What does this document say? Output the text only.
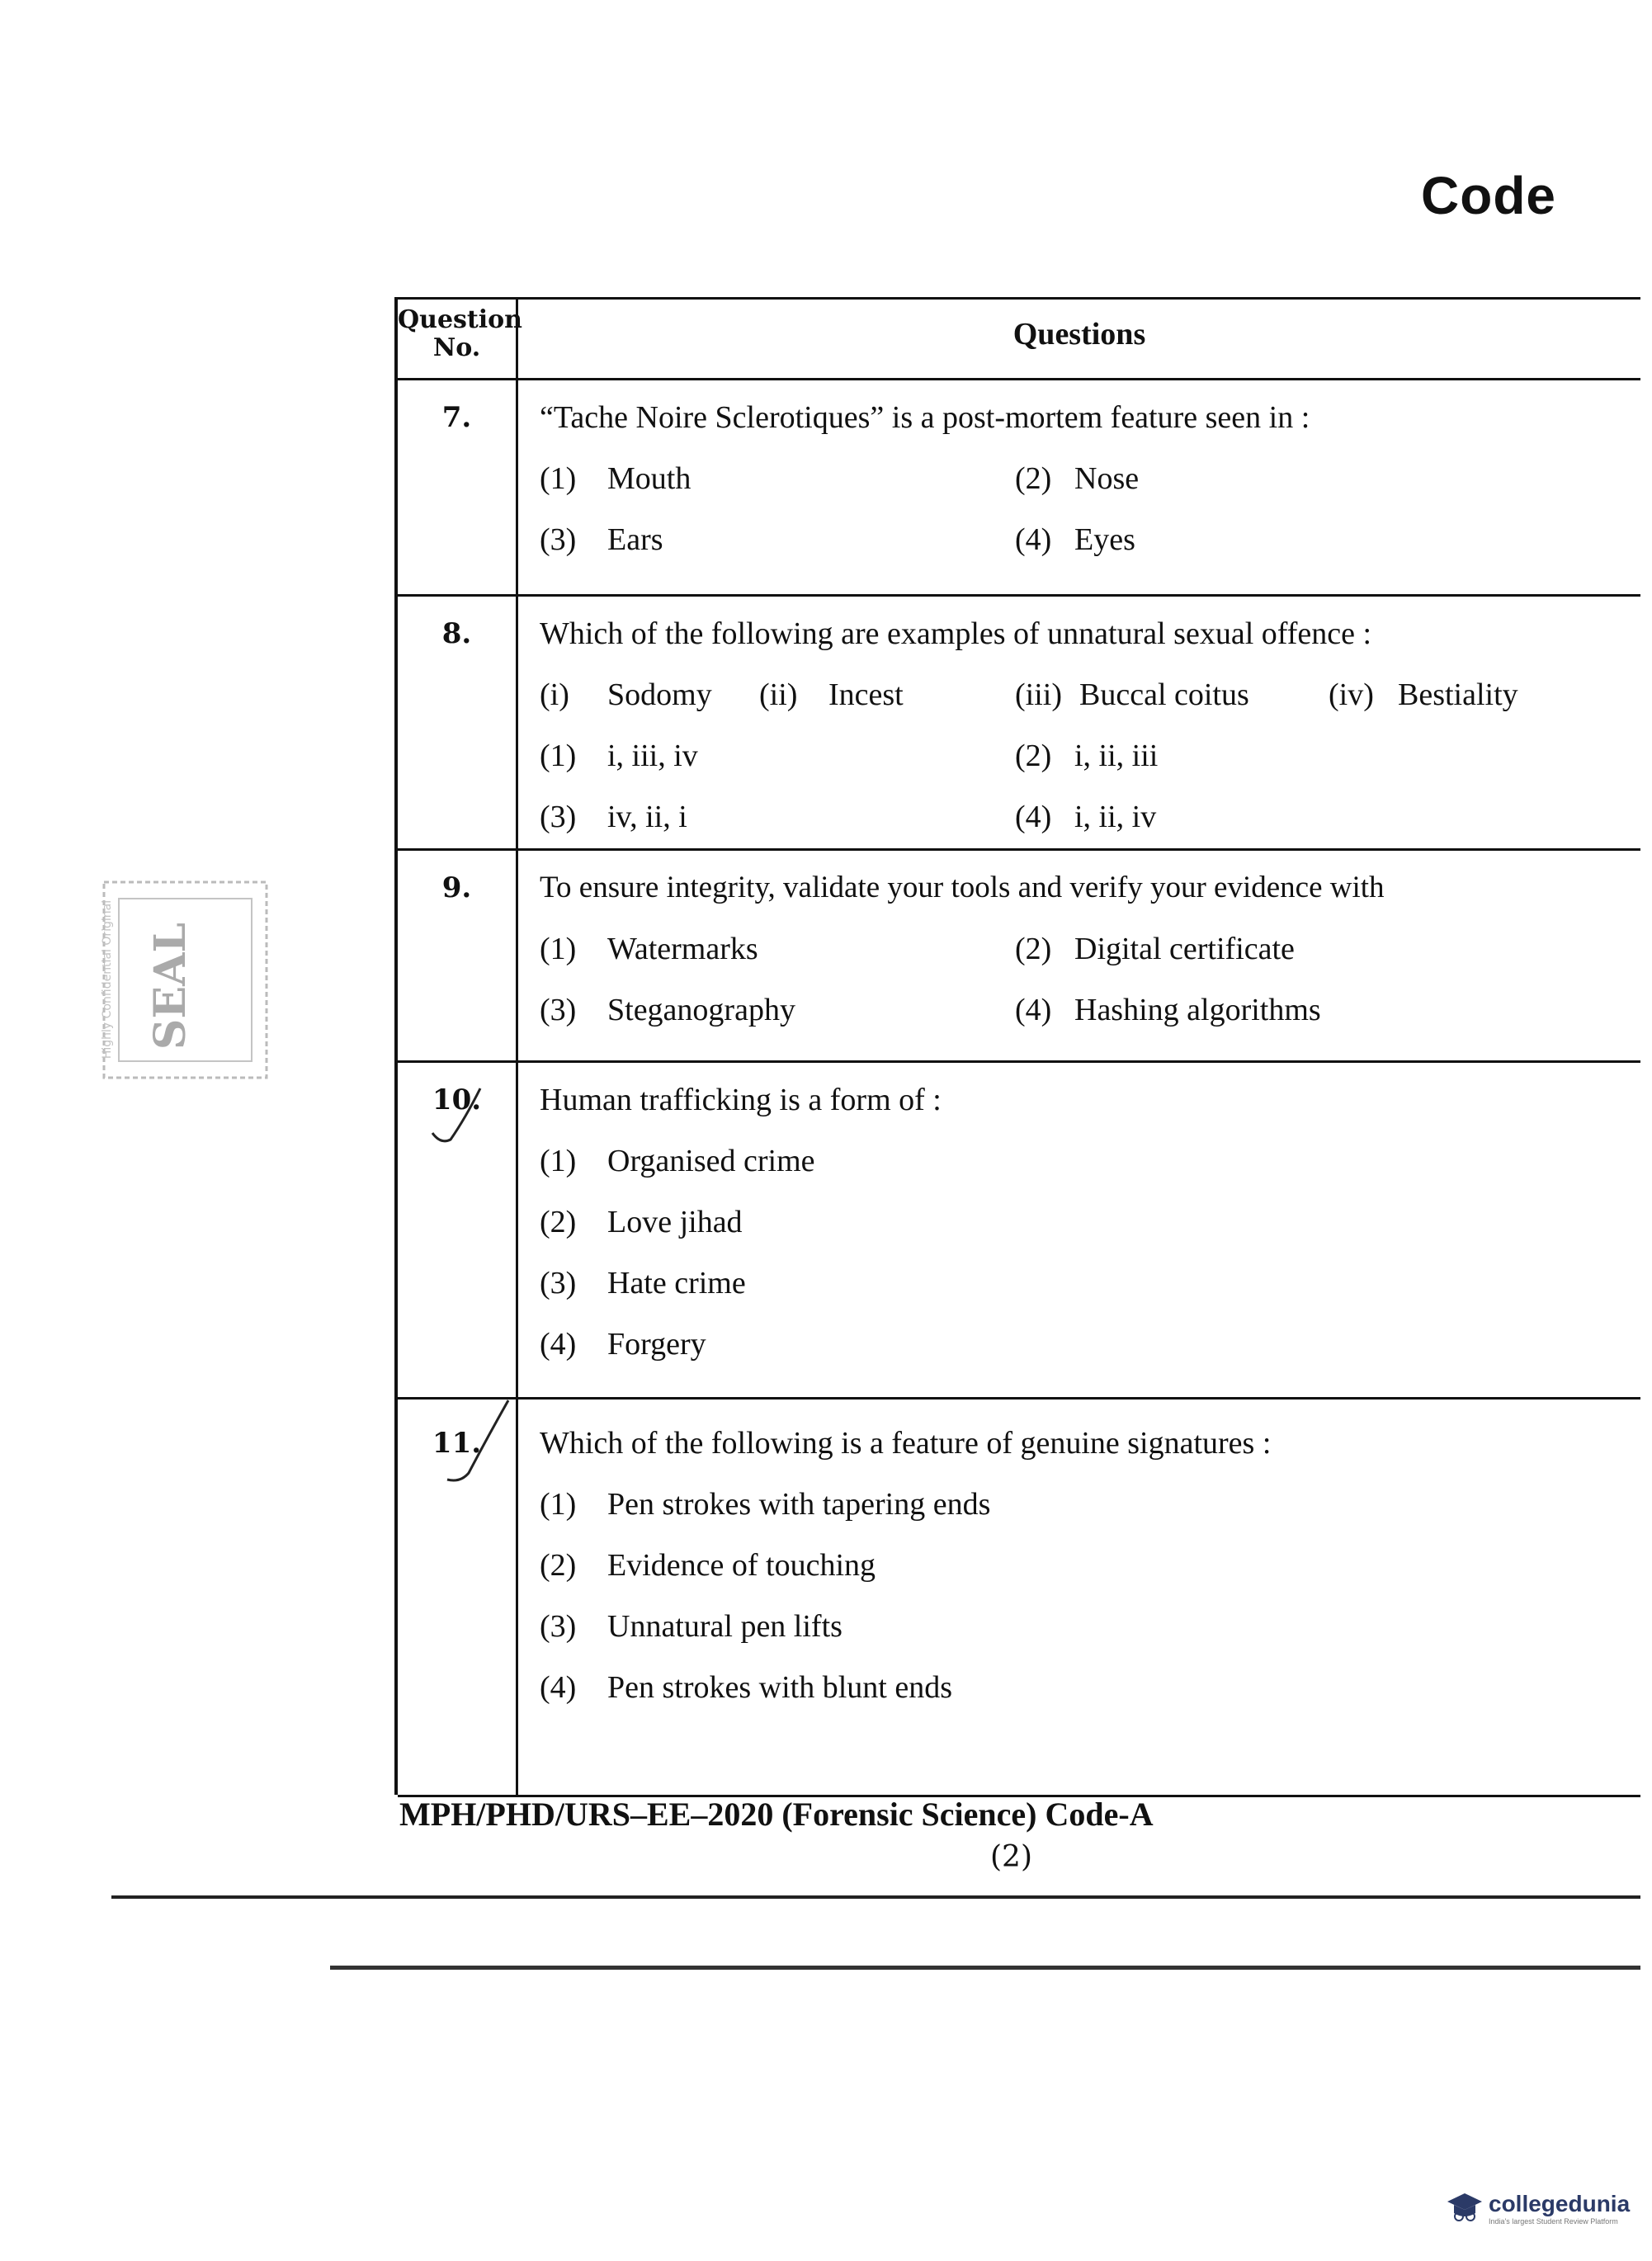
Code
Question No.	Questions
7.	“Tache Noire Sclerotiques” is a post-mortem feature seen in :
(1) Mouth	(2) Nose
(3) Ears	(4) Eyes
8.	Which of the following are examples of unnatural sexual offence :
(i) Sodomy (ii) Incest	(iii) Buccal coitus	(iv) Bestiality
(1) i, iii, iv	(2) i, ii, iii
(3) iv, ii, i	(4) i, ii, iv
9.	To ensure integrity, validate your tools and verify your evidence with
(1) Watermarks	(2) Digital certificate
(3) Steganography	(4) Hashing algorithms
10.	Human trafficking is a form of :
(1) Organised crime
(2) Love jihad
(3) Hate crime
(4) Forgery
11.	Which of the following is a feature of genuine signatures :
(1) Pen strokes with tapering ends
(2) Evidence of touching
(3) Unnatural pen lifts
(4) Pen strokes with blunt ends
MPH/PHD/URS–EE–2020 (Forensic Science) Code-A
(2)
SEAL
Highly Confidential Original
collegedunia
India's largest Student Review Platform
